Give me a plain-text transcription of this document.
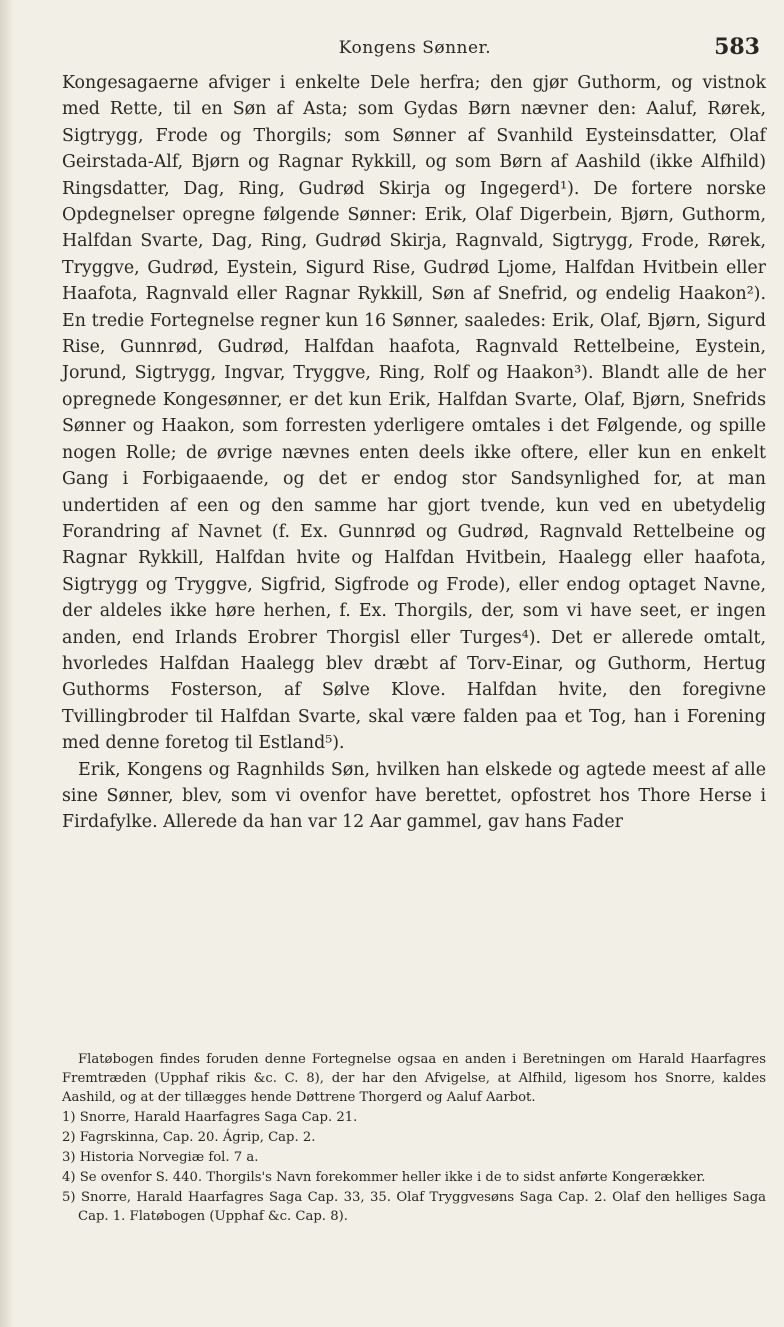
Kongens Sønner.	583

Kongesagaerne afviger i enkelte Dele herfra; den gjør Guthorm, og vistnok med Rette, til en Søn af Asta; som Gydas Børn nævner den: Aaluf, Rørek, Sigtrygg, Frode og Thorgils; som Sønner af Svanhild Eysteinsdatter, Olaf Geirstada-Alf, Bjørn og Ragnar Rykkill, og som Børn af Aashild (ikke Alfhild) Ringsdatter, Dag, Ring, Gudrød Skirja og Ingegerd¹). De fortere norske Opdegnelser opregne følgende Sønner: Erik, Olaf Digerbein, Bjørn, Guthorm, Halfdan Svarte, Dag, Ring, Gudrød Skirja, Ragnvald, Sigtrygg, Frode, Rørek, Tryggve, Gudrød, Eystein, Sigurd Rise, Gudrød Ljome, Halfdan Hvitbein eller Haafota, Ragnvald eller Ragnar Rykkill, Søn af Snefrid, og endelig Haakon²). En tredie Fortegnelse regner kun 16 Sønner, saaledes: Erik, Olaf, Bjørn, Sigurd Rise, Gunnrød, Gudrød, Halfdan haafota, Ragnvald Rettelbeine, Eystein, Jorund, Sigtrygg, Ingvar, Tryggve, Ring, Rolf og Haakon³). Blandt alle de her opregnede Kongesønner, er det kun Erik, Halfdan Svarte, Olaf, Bjørn, Snefrids Sønner og Haakon, som forresten yderligere omtales i det Følgende, og spille nogen Rolle; de øvrige nævnes enten deels ikke oftere, eller kun en enkelt Gang i Forbigaaende, og det er endog stor Sandsynlighed for, at man undertiden af een og den samme har gjort tvende, kun ved en ubetydelig Forandring af Navnet (f. Ex. Gunnrød og Gudrød, Ragnvald Rettelbeine og Ragnar Rykkill, Halfdan hvite og Halfdan Hvitbein, Haalegg eller haafota, Sigtrygg og Tryggve, Sigfrid, Sigfrode og Frode), eller endog optaget Navne, der aldeles ikke høre herhen, f. Ex. Thorgils, der, som vi have seet, er ingen anden, end Irlands Erobrer Thorgisl eller Turges⁴). Det er allerede omtalt, hvorledes Halfdan Haalegg blev dræbt af Torv-Einar, og Guthorm, Hertug Guthorms Fosterson, af Sølve Klove. Halfdan hvite, den foregivne Tvillingbroder til Halfdan Svarte, skal være falden paa et Tog, han i Forening med denne foretog til Estland⁵).

Erik, Kongens og Ragnhilds Søn, hvilken han elskede og agtede meest af alle sine Sønner, blev, som vi ovenfor have berettet, opfostret hos Thore Herse i Firdafylke. Allerede da han var 12 Aar gammel, gav hans Fader

Flatøbogen findes foruden denne Fortegnelse ogsaa en anden i Beretningen om Harald Haarfagres Fremtræden (Upphaf rikis &c. C. 8), der har den Afvigelse, at Alfhild, ligesom hos Snorre, kaldes Aashild, og at der tillægges hende Døttrene Thorgerd og Aaluf Aarbot.

1) Snorre, Harald Haarfagres Saga Cap. 21.

2) Fagrskinna, Cap. 20. Ágrip, Cap. 2.

3) Historia Norvegiæ fol. 7 a.

4) Se ovenfor S. 440. Thorgils's Navn forekommer heller ikke i de to sidst anførte Kongerækker.

5) Snorre, Harald Haarfagres Saga Cap. 33, 35. Olaf Tryggvesøns Saga Cap. 2. Olaf den helliges Saga Cap. 1. Flatøbogen (Upphaf &c. Cap. 8).
